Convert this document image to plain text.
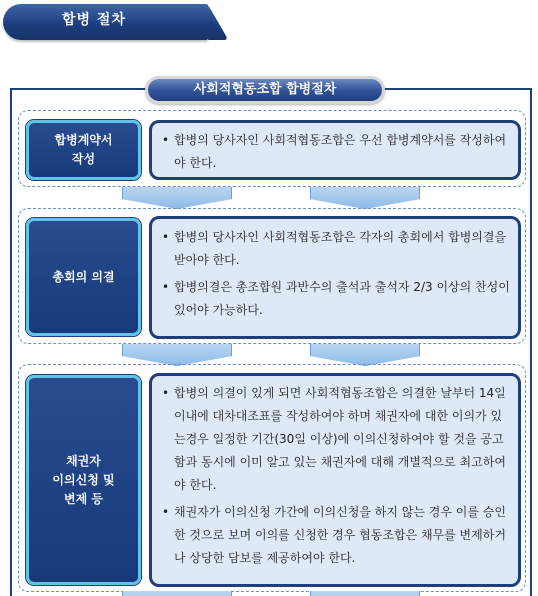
합병 절차
사회적협동조합 합병절차
합병계약서
작성
• 합병의 당사자인 사회적협동조합은 우선 합병계약서를 작성하여야 한다.
총회의 의결
• 합병의 당사자인 사회적협동조합은 각자의 총회에서 합병의결을 받아야 한다.
• 합병의결은 총조합원 과반수의 출석과 출석자 2/3 이상의 찬성이 있어야 가능하다.
채권자
이의신청 및
변제 등
• 합병의 의결이 있게 되면 사회적협동조합은 의결한 날부터 14일 이내에 대차대조표를 작성하여야 하며 채권자에 대한 이의가 있는경우 일정한 기간(30일 이상)에 이의신청하여야 할 것을 공고함과 동시에 이미 알고 있는 채권자에 대해 개별적으로 최고하여야 한다.
• 채권자가 이의신청 가간에 이의신청을 하지 않는 경우 이를 승인한 것으로 보며 이의를 신청한 경우 협동조합은 채무를 변제하거나 상당한 담보를 제공하여야 한다.
